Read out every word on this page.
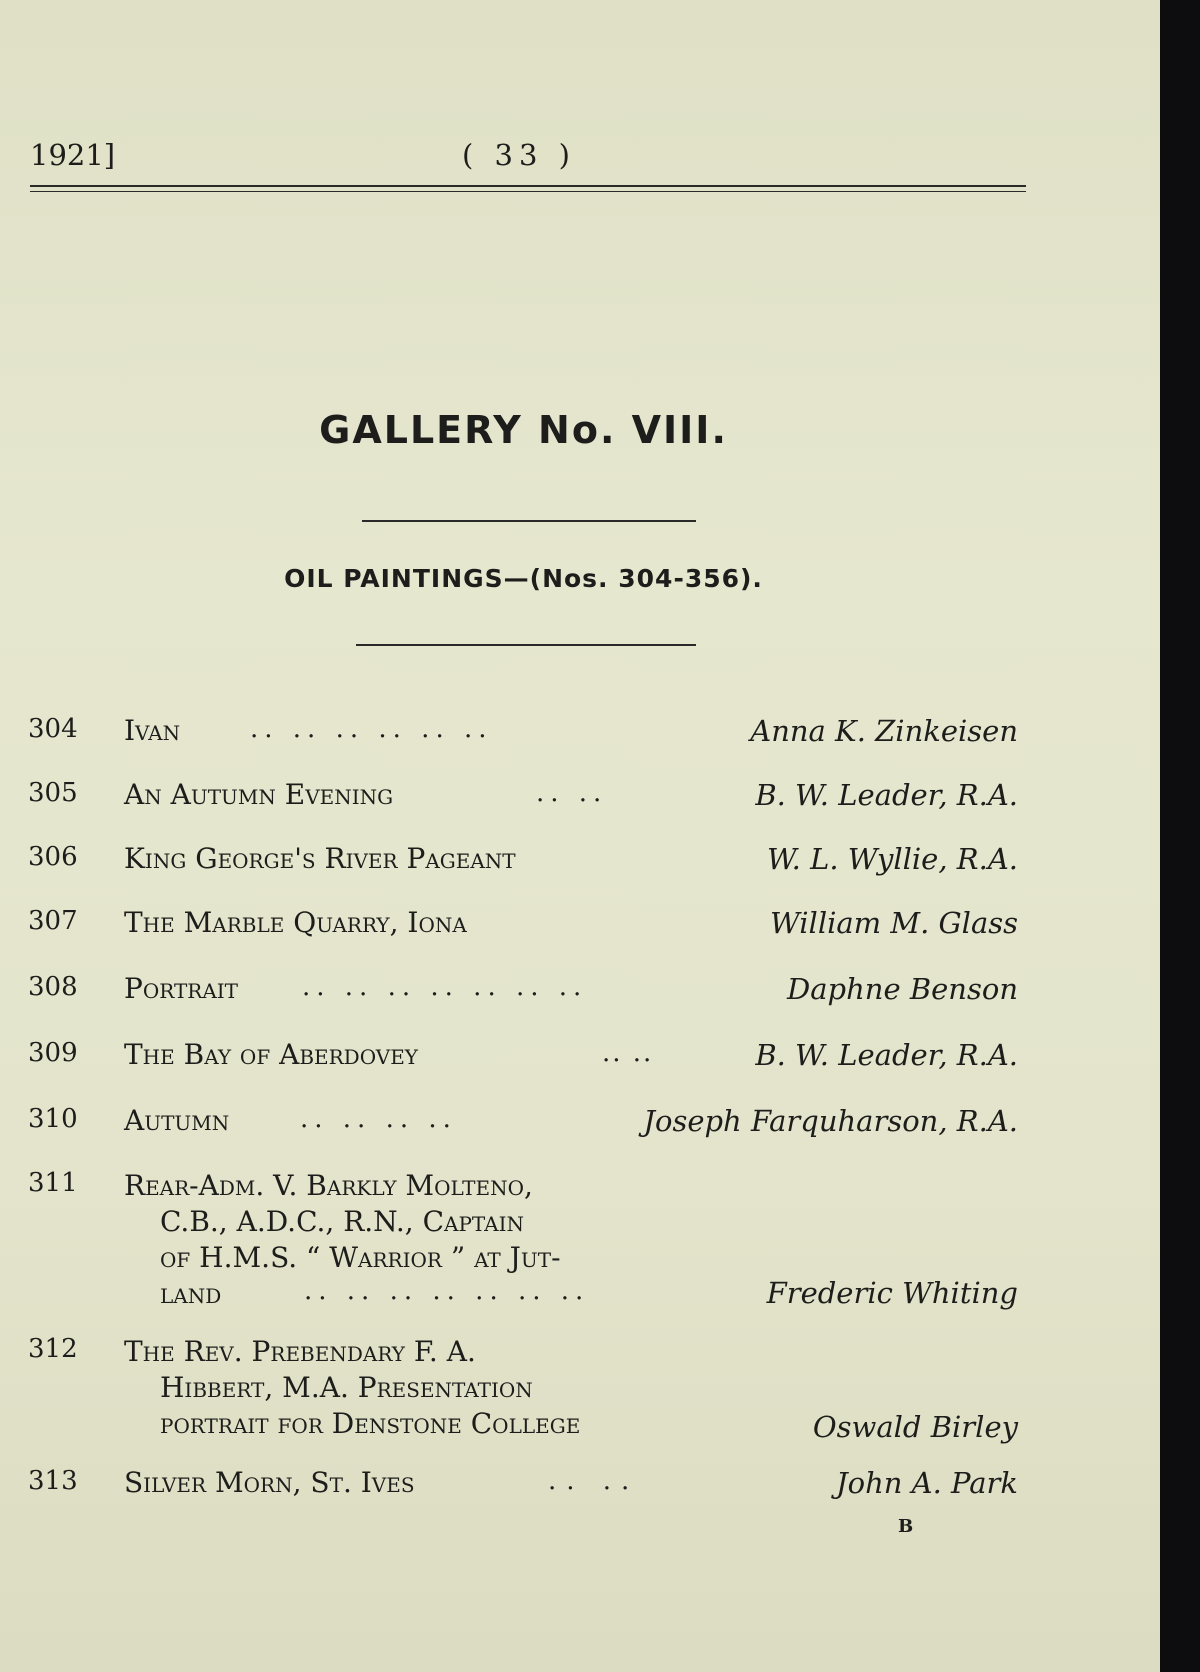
1921]	( 33 )
GALLERY No. VIII.
OIL PAINTINGS—(Nos. 304-356).
304 Ivan	.. .. .. .. .. ..	Anna K. Zinkeisen
305 An Autumn Evening	.. ..	B. W. Leader, R.A.
306 King George's River Pageant	W. L. Wyllie, R.A.
307 The Marble Quarry, Iona	William M. Glass
308 Portrait .. .. .. .. .. .. ..	Daphne Benson
309 The Bay of Aberdovey	.. ..	B. W. Leader, R.A.
310 Autumn	.. .. .. ..	Joseph Farquharson, R.A.
311 Rear-Adm. V. Barkly Molteno,
C.B., A.D.C., R.N., Captain
of H.M.S. “ Warrior ” at Jut-
land	.. .. .. .. .. .. ..	Frederic Whiting
312 The Rev. Prebendary F. A.
Hibbert, M.A. Presentation
portrait for Denstone College	Oswald Birley
313 Silver Morn, St. Ives	.. ..	John A. Park
B
